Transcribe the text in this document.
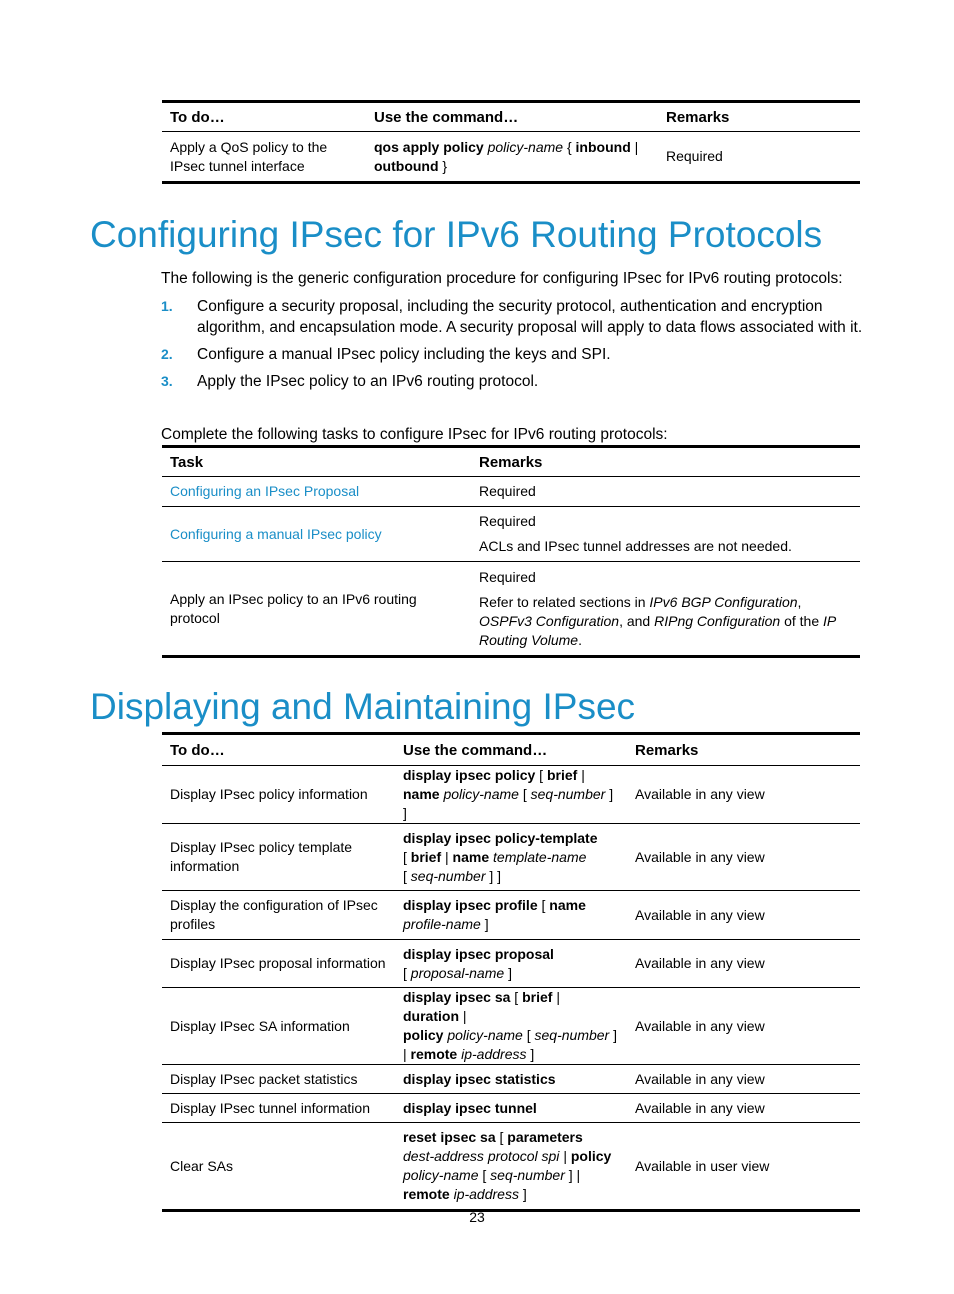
To do…	Use the command…	Remarks
Apply a QoS policy to the IPsec tunnel interface	qos apply policy policy-name { inbound | outbound }	Required
Configuring IPsec for IPv6 Routing Protocols
The following is the generic configuration procedure for configuring IPsec for IPv6 routing protocols:
1. Configure a security proposal, including the security protocol, authentication and encryption algorithm, and encapsulation mode. A security proposal will apply to data flows associated with it.
2. Configure a manual IPsec policy including the keys and SPI.
3. Apply the IPsec policy to an IPv6 routing protocol.
Complete the following tasks to configure IPsec for IPv6 routing protocols:
Task	Remarks
Configuring an IPsec Proposal	Required
Configuring a manual IPsec policy	Required
ACLs and IPsec tunnel addresses are not needed.

Apply an IPsec policy to an IPv6 routing protocol	Required
Refer to related sections in IPv6 BGP Configuration, OSPFv3 Configuration, and RIPng Configuration of the IP Routing Volume.
Displaying and Maintaining IPsec
To do…	Use the command…	Remarks
Display IPsec policy information	display ipsec policy [ brief | name policy-name [ seq-number ] ]	Available in any view
Display IPsec policy template information	display ipsec policy-template
[ brief | name template-name
[ seq-number ] ]	Available in any view
Display the configuration of IPsec profiles	display ipsec profile [ name
profile-name ]	Available in any view
Display IPsec proposal information	display ipsec proposal
[ proposal-name ]	Available in any view
Display IPsec SA information	display ipsec sa [ brief | duration |
policy policy-name [ seq-number ]
| remote ip-address ]	Available in any view
Display IPsec packet statistics	display ipsec statistics	Available in any view
Display IPsec tunnel information	display ipsec tunnel	Available in any view
Clear SAs	reset ipsec sa [ parameters
dest-address protocol spi | policy
policy-name [ seq-number ] |
remote ip-address ]	Available in user view
23
